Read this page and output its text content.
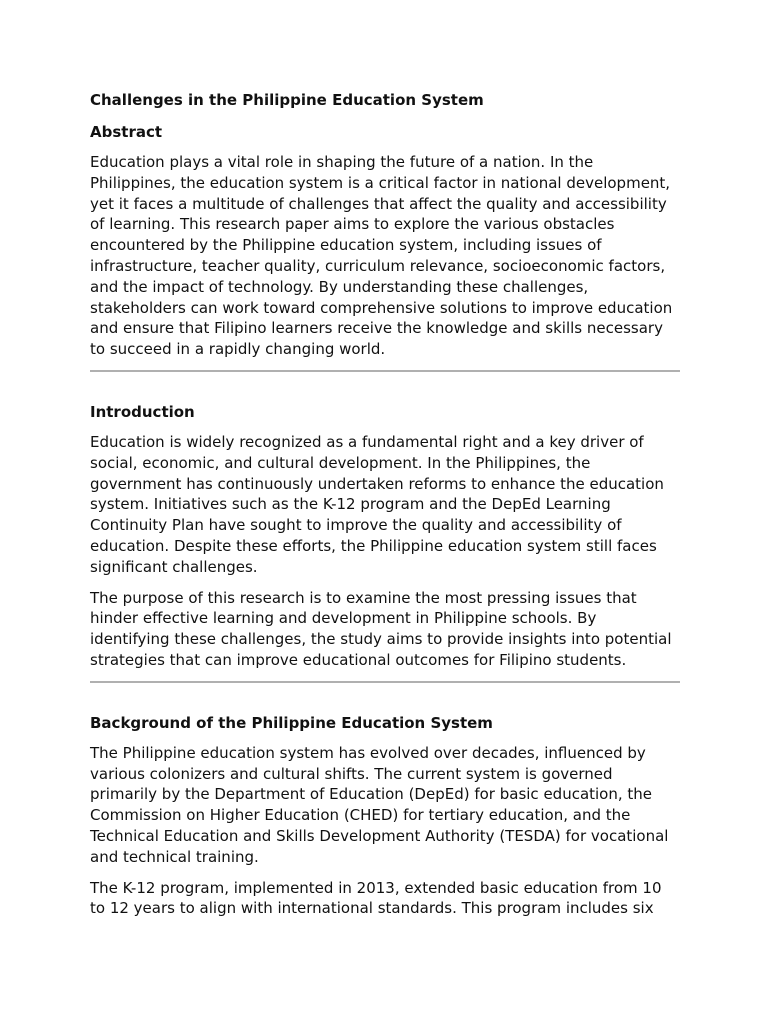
Challenges in the Philippine Education System
Abstract

Education plays a vital role in shaping the future of a nation. In the Philippines, the education system is a critical factor in national development, yet it faces a multitude of challenges that affect the quality and accessibility of learning. This research paper aims to explore the various obstacles encountered by the Philippine education system, including issues of infrastructure, teacher quality, curriculum relevance, socioeconomic factors, and the impact of technology. By understanding these challenges, stakeholders can work toward comprehensive solutions to improve education and ensure that Filipino learners receive the knowledge and skills necessary to succeed in a rapidly changing world.

Introduction

Education is widely recognized as a fundamental right and a key driver of social, economic, and cultural development. In the Philippines, the government has continuously undertaken reforms to enhance the education system. Initiatives such as the K-12 program and the DepEd Learning Continuity Plan have sought to improve the quality and accessibility of education. Despite these efforts, the Philippine education system still faces significant challenges.

The purpose of this research is to examine the most pressing issues that hinder effective learning and development in Philippine schools. By identifying these challenges, the study aims to provide insights into potential strategies that can improve educational outcomes for Filipino students.

Background of the Philippine Education System

The Philippine education system has evolved over decades, influenced by various colonizers and cultural shifts. The current system is governed primarily by the Department of Education (DepEd) for basic education, the Commission on Higher Education (CHED) for tertiary education, and the Technical Education and Skills Development Authority (TESDA) for vocational and technical training.

The K-12 program, implemented in 2013, extended basic education from 10 to 12 years to align with international standards. This program includes six
